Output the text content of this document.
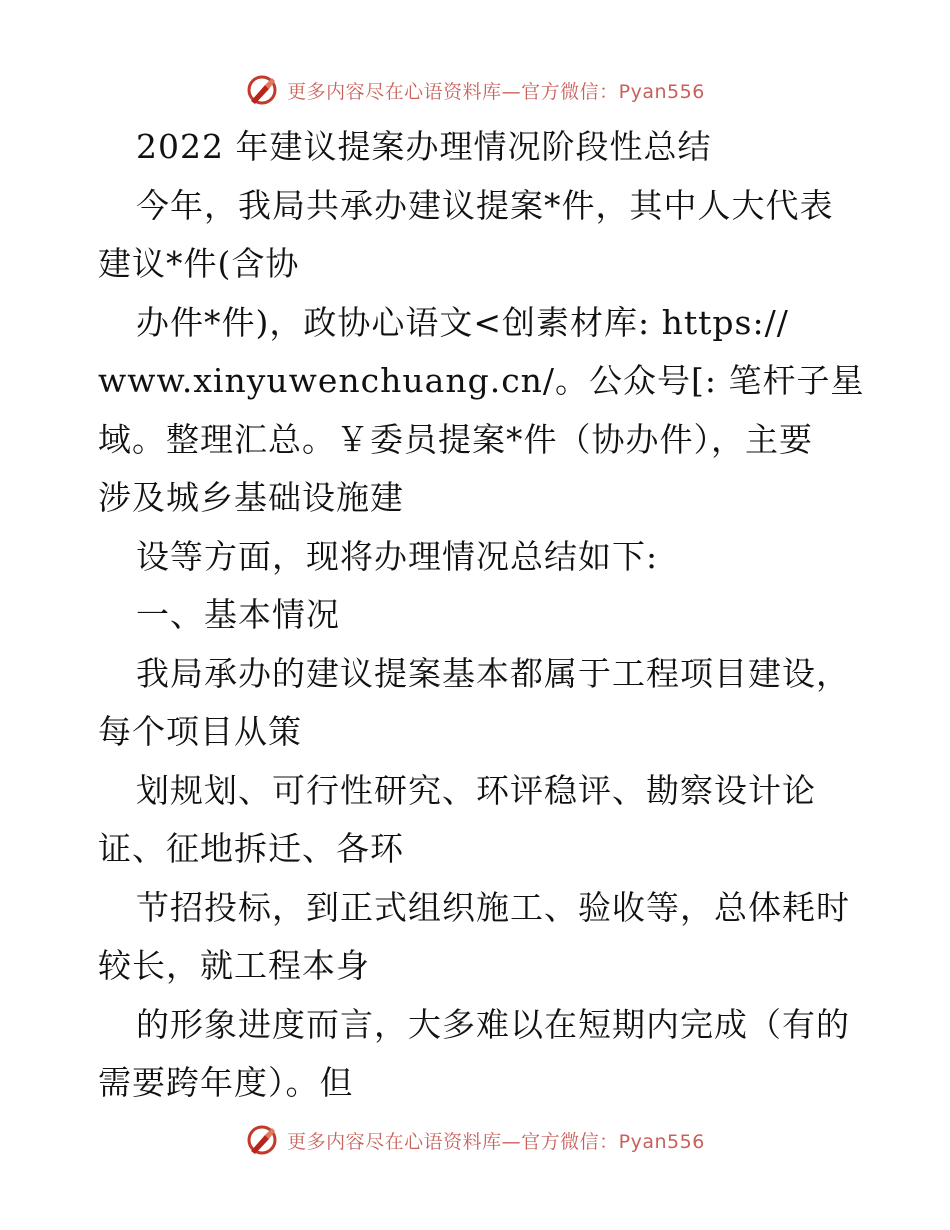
更多内容尽在心语资料库—官方微信：Pyan556
2022 年建议提案办理情况阶段性总结
今年，我局共承办建议提案*件，其中人大代表
建议*件(含协
办件*件)，政协心语文<创素材库: https://
www.xinyuwenchuang.cn/。公众号[: 笔杆子星
域。整理汇总。￥委员提案*件（协办件），主要
涉及城乡基础设施建
设等方面，现将办理情况总结如下:
一、基本情况
我局承办的建议提案基本都属于工程项目建设，
每个项目从策
划规划、可行性研究、环评稳评、勘察设计论
证、征地拆迁、各环
节招投标，到正式组织施工、验收等，总体耗时
较长，就工程本身
的形象进度而言，大多难以在短期内完成（有的
需要跨年度）。但
更多内容尽在心语资料库—官方微信：Pyan556
